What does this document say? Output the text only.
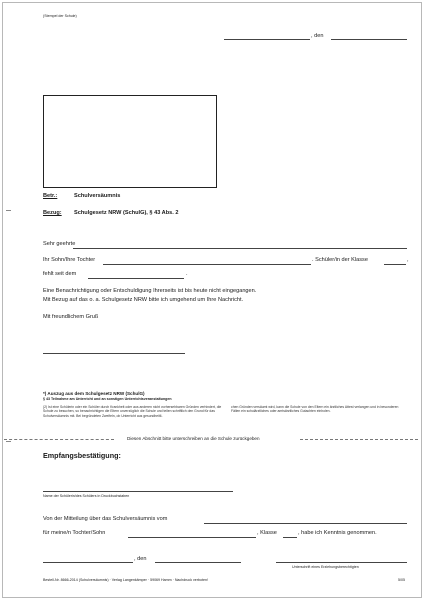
(Stempel der Schule)
, den
Betr.:	Schulversäumnis
Bezug: Schulgesetz NRW (SchulG), § 43 Abs. 2
Sehr geehrte
Ihr Sohn/Ihre Tochter	. Schüler/in der Klasse	,
fehlt seit dem	.
Eine Benachrichtigung oder Entschuldigung Ihrerseits ist bis heute nicht eingegangen.
Mit Bezug auf das o. a. Schulgesetz NRW bitte ich umgehend um Ihre Nachricht.
Mit freundlichem Gruß
*) Auszug aus dem Schulgesetz NRW (SchulG)
§ 43 Teilnahme am Unterricht und an sonstigen Unterrichtsveranstaltungen
(2) Ist eine Schülerin oder ein Schüler durch Krankheit oder aus anderen nicht vorhersehbaren Gründen verhindert, die Schule zu besuchen, so benachrichtigen die Eltern unverzüglich die Schule und teilen schriftlich den Grund für das Schulversäumnis mit. Bei begründeten Zweifeln, ob Unterricht aus gesundheitli-
chen Gründen versäumt wird, kann die Schule von den Eltern ein ärztliches Attest verlangen und in besonderen Fällen ein schulärztliches oder amtsärztliches Gutachten einholen.
Diesen Abschnitt bitte unterschreiben an die Schule zurückgeben
Empfangsbestätigung:
Name der Schülerin/des Schülers in Druckbuchstaben
Von der Mitteilung über das Schulversäumnis vom
für meine/n Tochter/Sohn	, Klasse	, habe ich Kenntnis genommen.
, den
Unterschrift eines Erziehungsberechtigten
Bestell-Nr. 8666-2014 (Schulversäumnis) · Verlag Langenkämper · 59069 Hamm · Nachdruck verboten!	5/05
